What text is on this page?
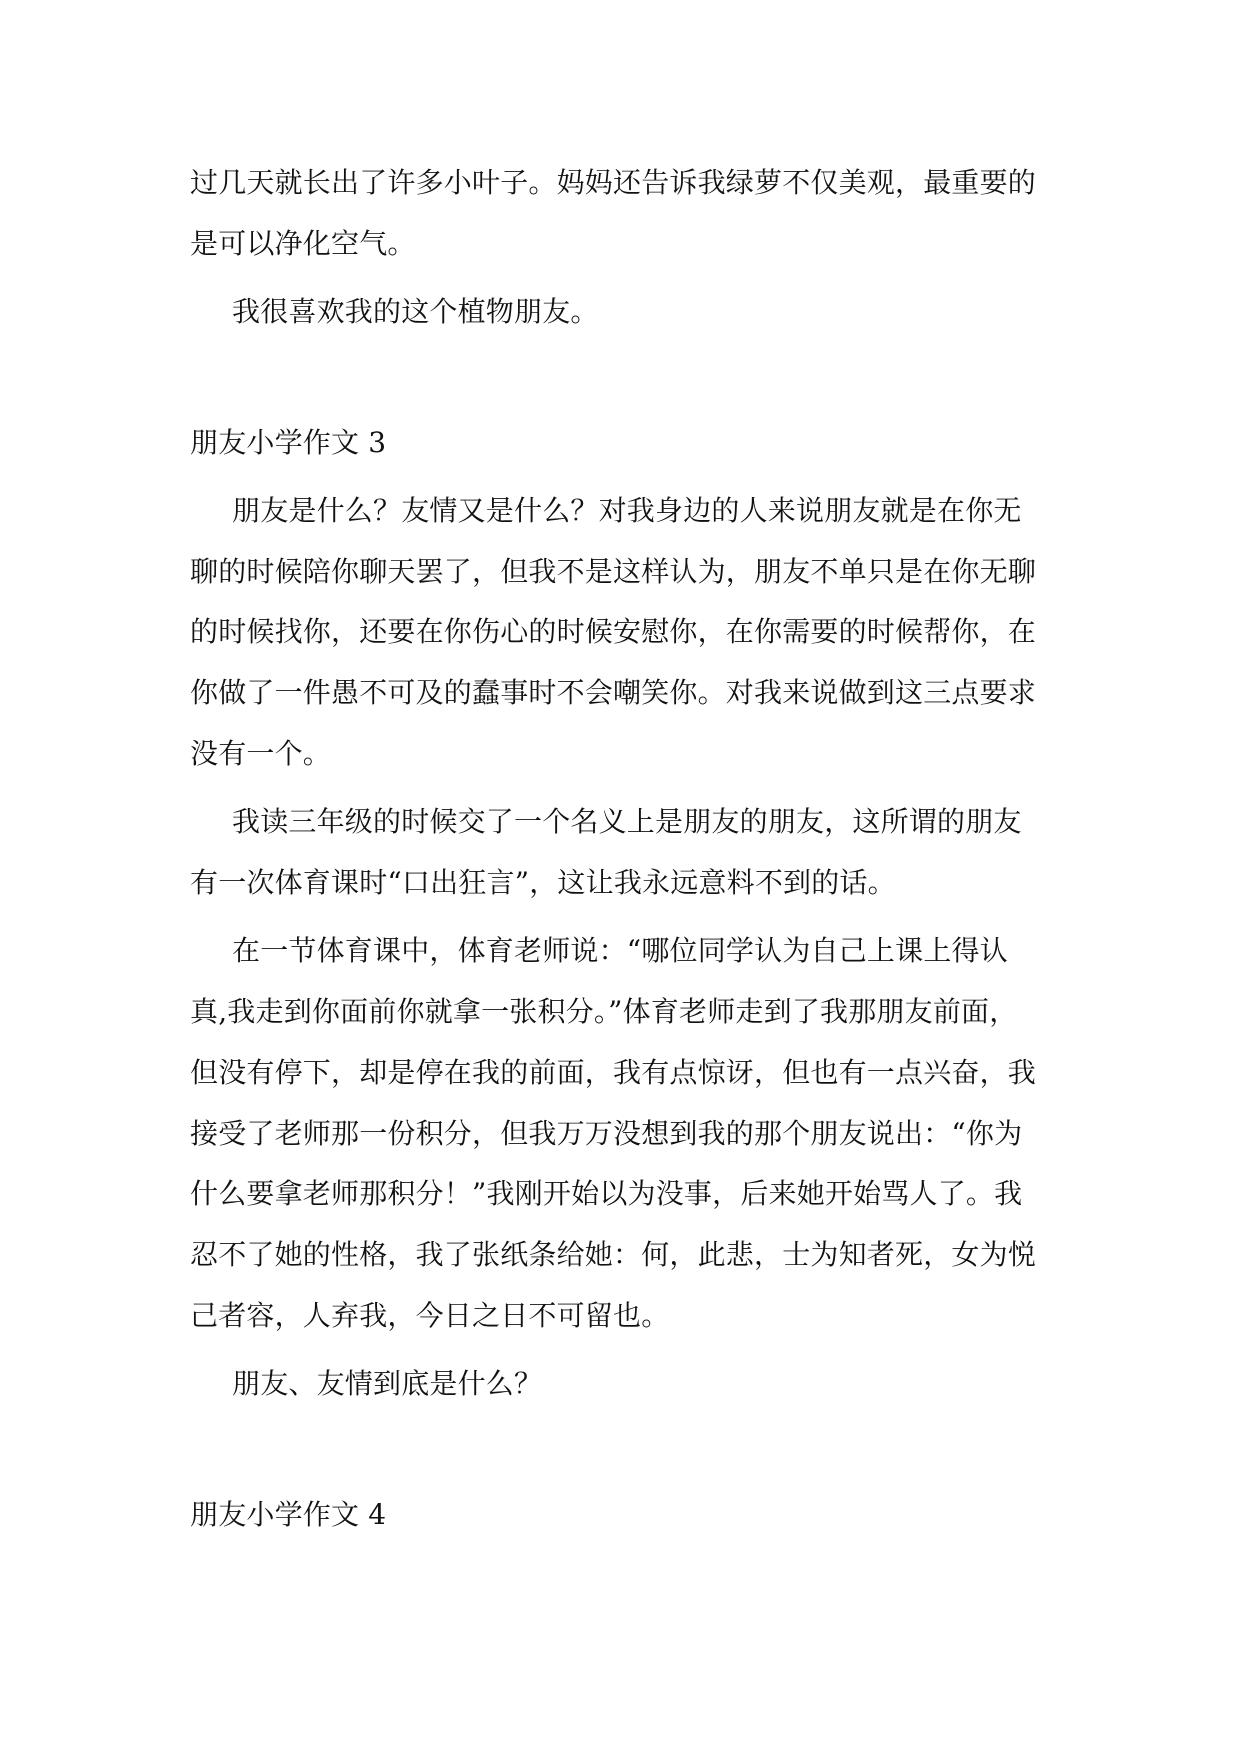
过几天就长出了许多小叶子。妈妈还告诉我绿萝不仅美观，最重要的
是可以净化空气。
我很喜欢我的这个植物朋友。
朋友小学作文 3
朋友是什么？友情又是什么？对我身边的人来说朋友就是在你无
聊的时候陪你聊天罢了，但我不是这样认为，朋友不单只是在你无聊
的时候找你，还要在你伤心的时候安慰你，在你需要的时候帮你，在
你做了一件愚不可及的蠢事时不会嘲笑你。对我来说做到这三点要求
没有一个。
我读三年级的时候交了一个名义上是朋友的朋友，这所谓的朋友
有一次体育课时“口出狂言”，这让我永远意料不到的话。
在一节体育课中，体育老师说：“哪位同学认为自己上课上得认
真,我走到你面前你就拿一张积分。”体育老师走到了我那朋友前面，
但没有停下，却是停在我的前面，我有点惊讶，但也有一点兴奋，我
接受了老师那一份积分，但我万万没想到我的那个朋友说出：“你为
什么要拿老师那积分！”我刚开始以为没事，后来她开始骂人了。我
忍不了她的性格，我了张纸条给她：何，此悲，士为知者死，女为悦
己者容，人弃我，今日之日不可留也。
朋友、友情到底是什么？
朋友小学作文 4
